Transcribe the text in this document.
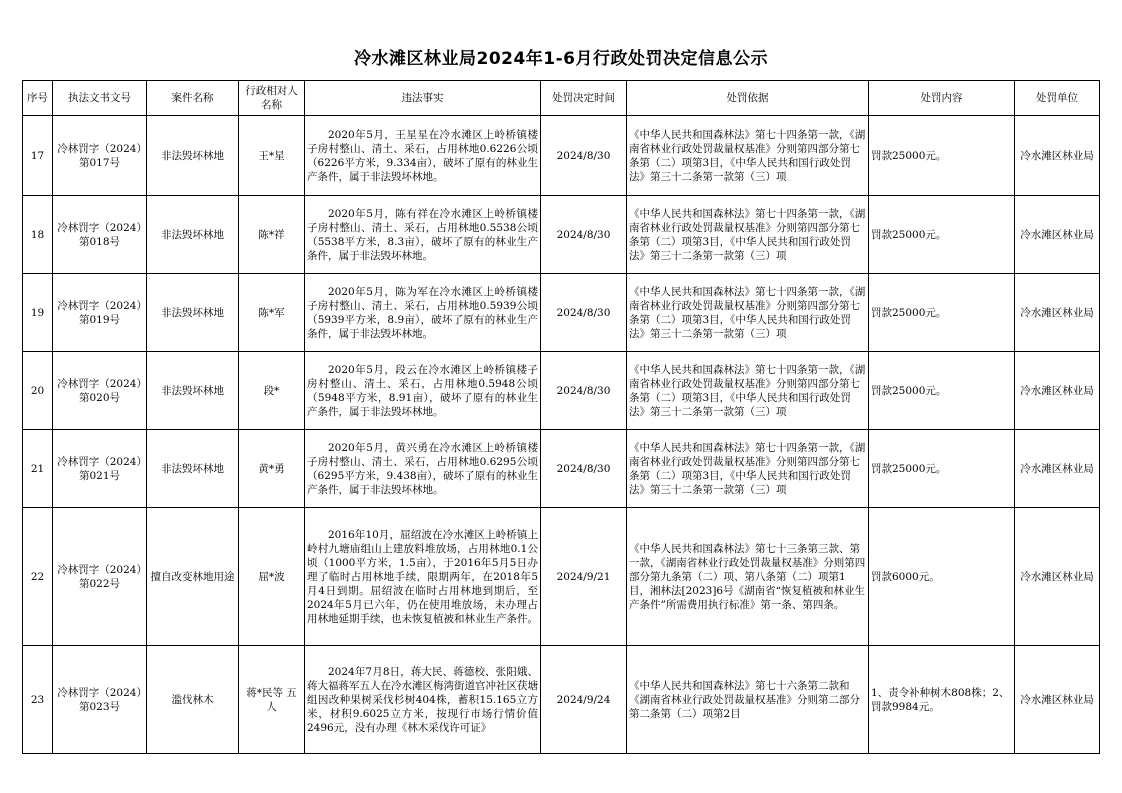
冷水滩区林业局2024年1-6月行政处罚决定信息公示
序号	执法文书文号	案件名称	行政相对人名称	违法事实	处罚决定时间	处罚依据	处罚内容	处罚单位
17	冷林罚字（2024）第017号	非法毁坏林地	王*星	2020年5月，王星星在冷水滩区上岭桥镇楼子房村整山、清土、采石，占用林地0.6226公顷（6226平方米，9.334亩），破坏了原有的林业生产条件，属于非法毁坏林地。	2024/8/30	《中华人民共和国森林法》第七十四条第一款，《湖南省林业行政处罚裁量权基准》分则第四部分第七条第（二）项第3目，《中华人民共和国行政处罚法》第三十二条第一款第（三）项	罚款25000元。	冷水滩区林业局
18	冷林罚字（2024）第018号	非法毁坏林地	陈*祥	2020年5月，陈有祥在冷水滩区上岭桥镇楼子房村整山、清土、采石，占用林地0.5538公顷（5538平方米，8.3亩），破坏了原有的林业生产条件，属于非法毁坏林地。	2024/8/30	《中华人民共和国森林法》第七十四条第一款，《湖南省林业行政处罚裁量权基准》分则第四部分第七条第（二）项第3目，《中华人民共和国行政处罚法》第三十二条第一款第（三）项	罚款25000元。	冷水滩区林业局
19	冷林罚字（2024）第019号	非法毁坏林地	陈*军	2020年5月，陈为军在冷水滩区上岭桥镇楼子房村整山、清土、采石，占用林地0.5939公顷（5939平方米，8.9亩），破坏了原有的林业生产条件，属于非法毁坏林地。	2024/8/30	《中华人民共和国森林法》第七十四条第一款，《湖南省林业行政处罚裁量权基准》分则第四部分第七条第（二）项第3目，《中华人民共和国行政处罚法》第三十二条第一款第（三）项	罚款25000元。	冷水滩区林业局
20	冷林罚字（2024）第020号	非法毁坏林地	段*	2020年5月，段云在冷水滩区上岭桥镇楼子房村整山、清土、采石，占用林地0.5948公顷（5948平方米，8.91亩），破坏了原有的林业生产条件，属于非法毁坏林地。	2024/8/30	《中华人民共和国森林法》第七十四条第一款，《湖南省林业行政处罚裁量权基准》分则第四部分第七条第（二）项第3目，《中华人民共和国行政处罚法》第三十二条第一款第（三）项	罚款25000元。	冷水滩区林业局
21	冷林罚字（2024）第021号	非法毁坏林地	黄*勇	2020年5月，黄兴勇在冷水滩区上岭桥镇楼子房村整山、清土、采石，占用林地0.6295公顷（6295平方米，9.438亩），破坏了原有的林业生产条件，属于非法毁坏林地。	2024/8/30	《中华人民共和国森林法》第七十四条第一款，《湖南省林业行政处罚裁量权基准》分则第四部分第七条第（二）项第3目，《中华人民共和国行政处罚法》第三十二条第一款第（三）项	罚款25000元。	冷水滩区林业局
22	冷林罚字（2024）第022号	擅自改变林地用途	屈*波	2016年10月，屈绍波在冷水滩区上岭桥镇上岭村九塘庙组山上建放料堆放场，占用林地0.1公顷（1000平方米，1.5亩），于2016年5月5日办理了临时占用林地手续，限期两年，在2018年5月4日到期。屈绍波在临时占用林地到期后，至2024年5月已六年，仍在使用堆放场，未办理占用林地延期手续，也未恢复植被和林业生产条件。	2024/9/21	《中华人民共和国森林法》第七十三条第三款、第一款，《湖南省林业行政处罚裁量权基准》分则第四部分第九条第（二）项、第八条第（二）项第1目，湘林法[2023]6号《湖南省“恢复植被和林业生产条件”所需费用执行标准》第一条、第四条。	罚款6000元。	冷水滩区林业局
23	冷林罚字（2024）第023号	滥伐林木	蒋*民等 五人	2024年7月8日，蒋大民、蒋德校、张阳娥、蒋大福蒋军五人在冷水滩区梅湾街道官冲社区茯塘组因改种果树采伐杉树404株，蓄积15.165立方米，材积9.6025立方米，按现行市场行情价值2496元，没有办理《林木采伐许可证》	2024/9/24	《中华人民共和国森林法》第七十六条第二款和《湖南省林业行政处罚裁量权基准》分则第二部分第二条第（二）项第2目	1、责令补种树木808株；2、罚款9984元。	冷水滩区林业局
